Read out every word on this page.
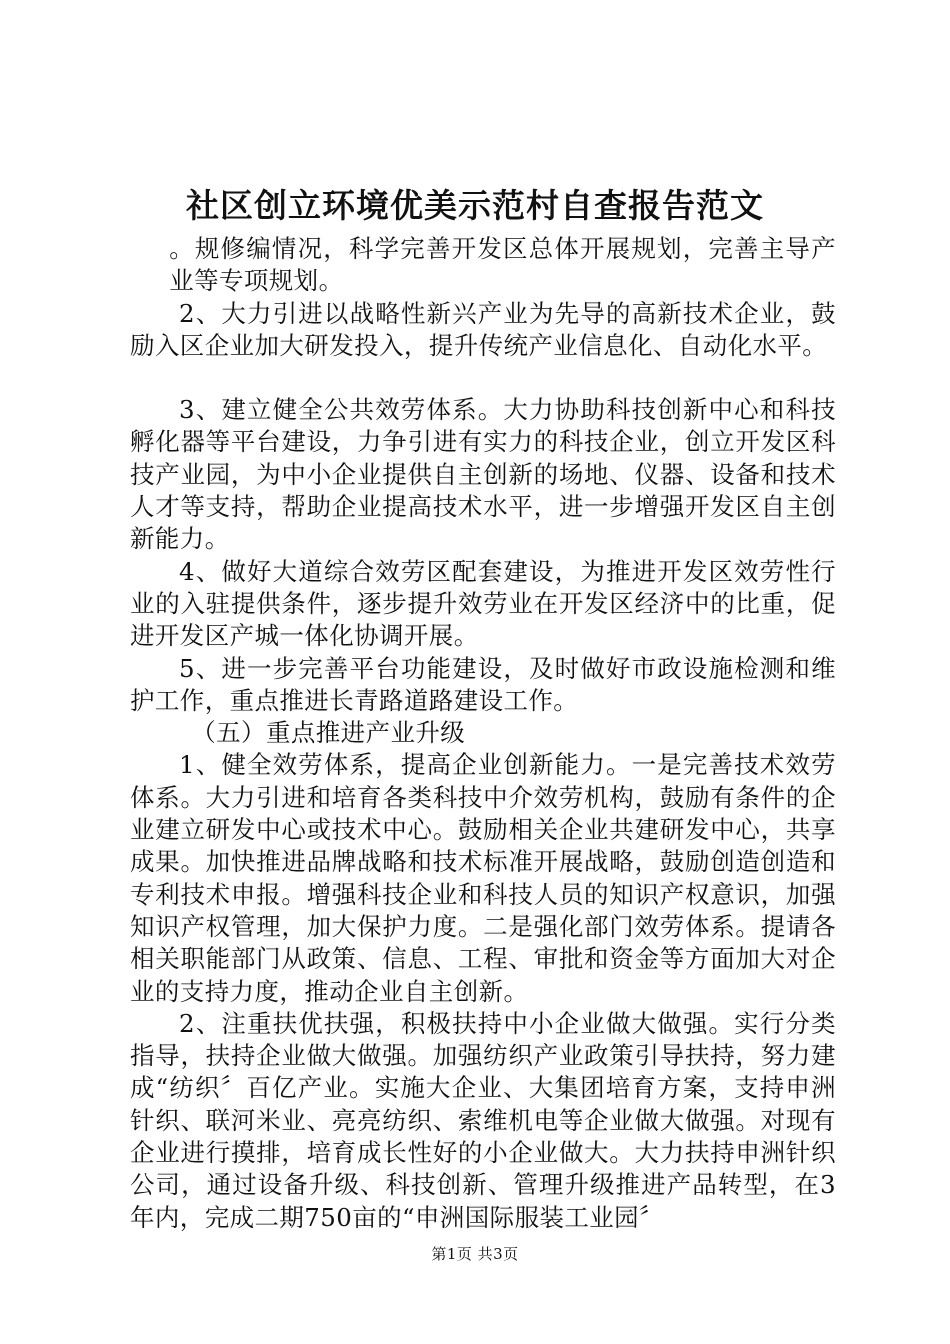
社区创立环境优美示范村自查报告范文

。规修编情况，科学完善开发区总体开展规划，完善主导产业等专项规划。

2、大力引进以战略性新兴产业为先导的高新技术企业，鼓励入区企业加大研发投入，提升传统产业信息化、自动化水平。

3、建立健全公共效劳体系。大力协助科技创新中心和科技孵化器等平台建设，力争引进有实力的科技企业，创立开发区科技产业园，为中小企业提供自主创新的场地、仪器、设备和技术人才等支持，帮助企业提高技术水平，进一步增强开发区自主创新能力。

4、做好大道综合效劳区配套建设，为推进开发区效劳性行业的入驻提供条件，逐步提升效劳业在开发区经济中的比重，促进开发区产城一体化协调开展。

5、进一步完善平台功能建设，及时做好市政设施检测和维护工作，重点推进长青路道路建设工作。

（五）重点推进产业升级

1、健全效劳体系，提高企业创新能力。一是完善技术效劳体系。大力引进和培育各类科技中介效劳机构，鼓励有条件的企业建立研发中心或技术中心。鼓励相关企业共建研发中心，共享成果。加快推进品牌战略和技术标准开展战略，鼓励创造创造和专利技术申报。增强科技企业和科技人员的知识产权意识，加强知识产权管理，加大保护力度。二是强化部门效劳体系。提请各相关职能部门从政策、信息、工程、审批和资金等方面加大对企业的支持力度，推动企业自主创新。

2、注重扶优扶强，积极扶持中小企业做大做强。实行分类指导，扶持企业做大做强。加强纺织产业政策引导扶持，努力建成“纺织〞百亿产业。实施大企业、大集团培育方案，支持申洲针织、联河米业、亮亮纺织、索维机电等企业做大做强。对现有企业进行摸排，培育成长性好的小企业做大。大力扶持申洲针织公司，通过设备升级、科技创新、管理升级推进产品转型，在3年内，完成二期750亩的“申洲国际服装工业园〞

第1页 共3页
